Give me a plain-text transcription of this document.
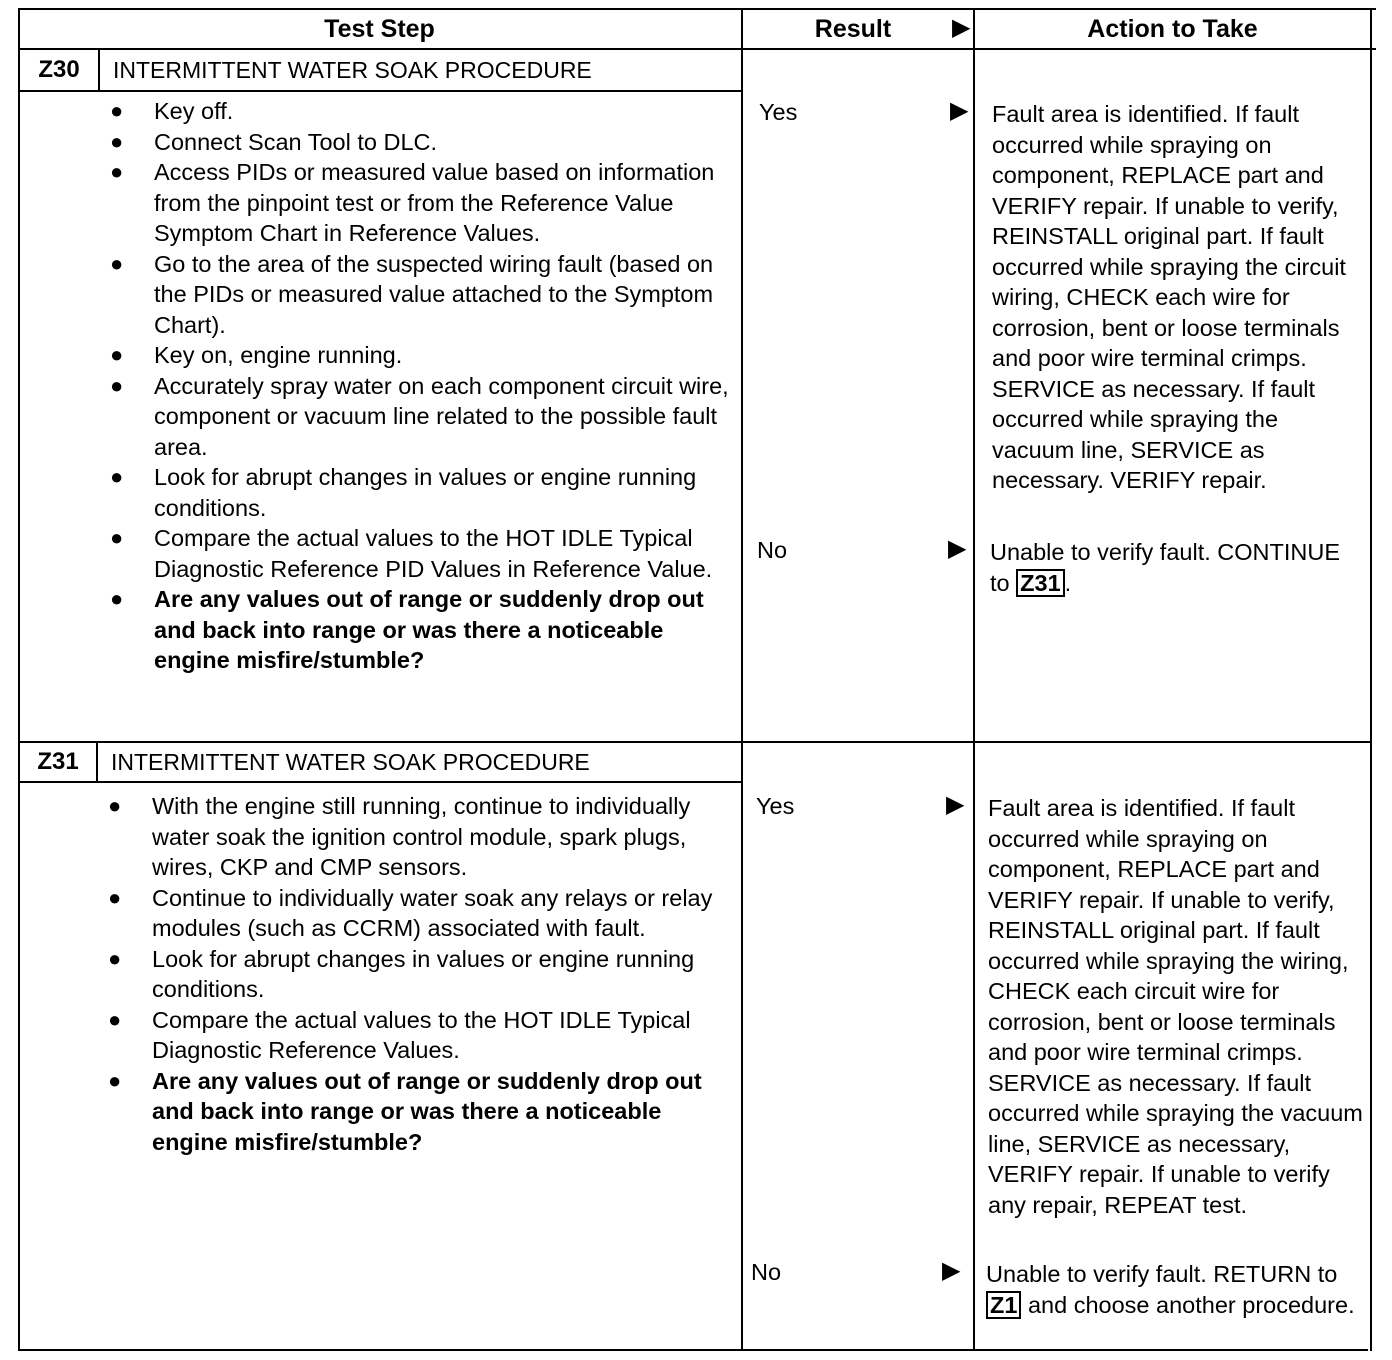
Test Step	Result	▶	Action to Take
Z30	INTERMITTENT WATER SOAK PROCEDURE
● Key off.
● Connect Scan Tool to DLC.
● Access PIDs or measured value based on information from the pinpoint test or from the Reference Value Symptom Chart in Reference Values.
● Go to the area of the suspected wiring fault (based on the PIDs or measured value attached to the Symptom Chart).
● Key on, engine running.
● Accurately spray water on each component circuit wire, component or vacuum line related to the possible fault area.
● Look for abrupt changes in values or engine running conditions.
● Compare the actual values to the HOT IDLE Typical Diagnostic Reference PID Values in Reference Value.
● Are any values out of range or suddenly drop out and back into range or was there a noticeable engine misfire/stumble?
Yes	▶ Fault area is identified. If fault occurred while spraying on component, REPLACE part and VERIFY repair. If unable to verify, REINSTALL original part. If fault occurred while spraying the circuit wiring, CHECK each wire for corrosion, bent or loose terminals and poor wire terminal crimps. SERVICE as necessary. If fault occurred while spraying the vacuum line, SERVICE as necessary. VERIFY repair.
No	▶ Unable to verify fault. CONTINUE to Z31 .
Z31	INTERMITTENT WATER SOAK PROCEDURE
● With the engine still running, continue to individually water soak the ignition control module, spark plugs, wires, CKP and CMP sensors.
● Continue to individually water soak any relays or relay modules (such as CCRM) associated with fault.
● Look for abrupt changes in values or engine running conditions.
● Compare the actual values to the HOT IDLE Typical Diagnostic Reference Values.
● Are any values out of range or suddenly drop out and back into range or was there a noticeable engine misfire/stumble?
Yes	▶ Fault area is identified. If fault occurred while spraying on component, REPLACE part and VERIFY repair. If unable to verify, REINSTALL original part. If fault occurred while spraying the wiring, CHECK each circuit wire for corrosion, bent or loose terminals and poor wire terminal crimps. SERVICE as necessary. If fault occurred while spraying the vacuum line, SERVICE as necessary, VERIFY repair. If unable to verify any repair, REPEAT test.
No	▶ Unable to verify fault. RETURN to Z1 and choose another procedure.
